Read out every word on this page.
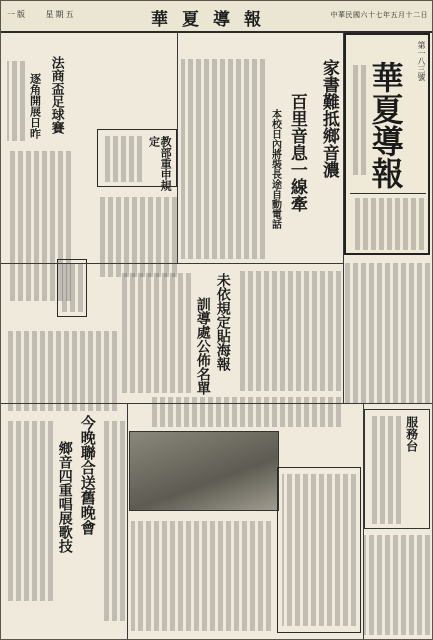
一版 星期五	華夏導報	中華民國六十七年五月十二日
華夏導報 第一八三號
家書難抵鄉音濃
百里音息一線牽
本校日內將裝長途自動電話
教部重申規定
法商盃足球賽
逐角開展日昨
未依規定貼海報
訓導處公佈名單
今晚聯合送舊晚會
鄉音四重唱展歌技
服務台
